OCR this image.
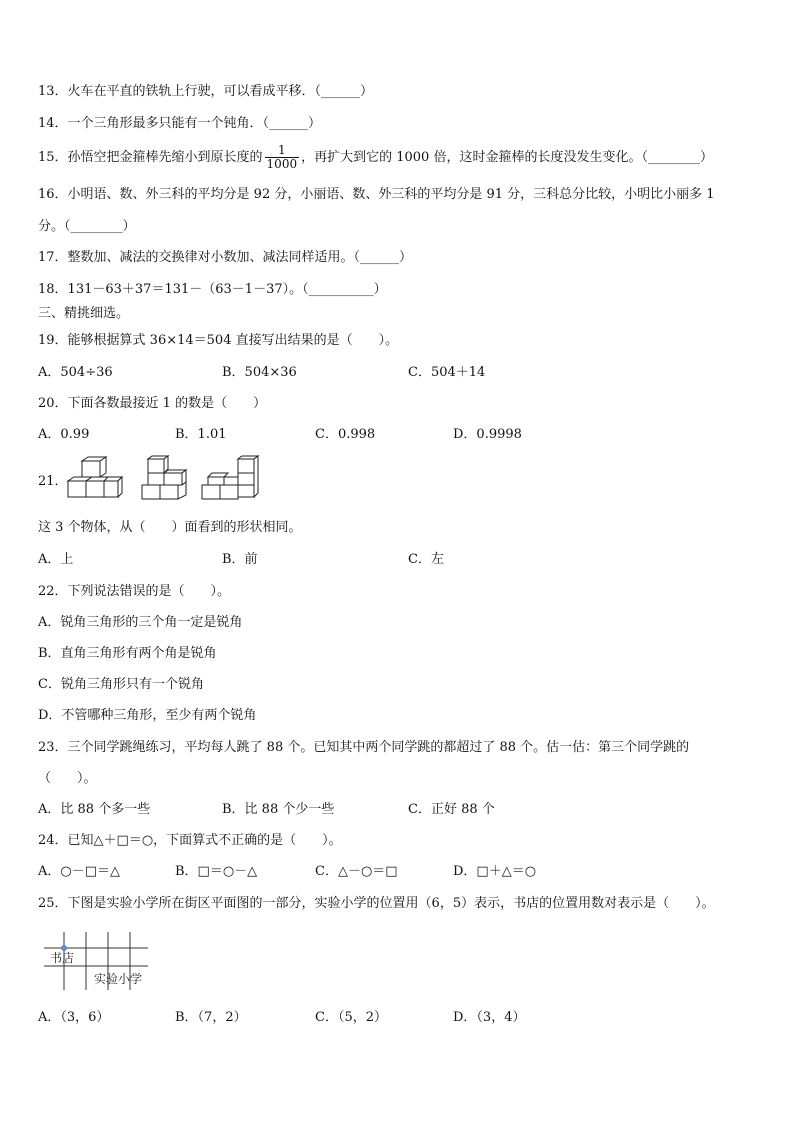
13．火车在平直的铁轨上行驶，可以看成平移．（______）
14．一个三角形最多只能有一个钝角．（______）
15．孙悟空把金箍棒先缩小到原长度的 $\frac{1}{1000}$ ，再扩大到它的 1000 倍，这时金箍棒的长度没发生变化。（________）
16．小明语、数、外三科的平均分是 92 分，小丽语、数、外三科的平均分是 91 分，三科总分比较，小明比小丽多 1
分。（________）
17．整数加、减法的交换律对小数加、减法同样适用。（______）
18．131－63＋37＝131－（63－1－37）。（__________）
三、精挑细选。
19．能够根据算式 36×14＝504 直接写出结果的是（　　）。
A．504÷36	B．504×36	C．504＋14
20．下面各数最接近 1 的数是（　　）
A．0.99	B．1.01	C．0.998	D．0.9998
21．
这 3 个物体，从（　　）面看到的形状相同。
A．上	B．前	C．左
22．下列说法错误的是（　　）。
A．锐角三角形的三个角一定是锐角
B．直角三角形有两个角是锐角
C．锐角三角形只有一个锐角
D．不管哪种三角形，至少有两个锐角
23．三个同学跳绳练习，平均每人跳了 88 个。已知其中两个同学跳的都超过了 88 个。估一估：第三个同学跳的
（　　）。
A．比 88 个多一些	B．比 88 个少一些	C．正好 88 个
24．已知△＋□＝○，下面算式不正确的是（　　）。
A．○－□＝△	B．□＝○－△	C．△－○＝□	D．□＋△＝○
25．下图是实验小学所在街区平面图的一部分，实验小学的位置用（6，5）表示，书店的位置用数对表示是（　　）。
书店
实验小学
A．（3，6）	B．（7，2）	C．（5，2）	D．（3，4）
